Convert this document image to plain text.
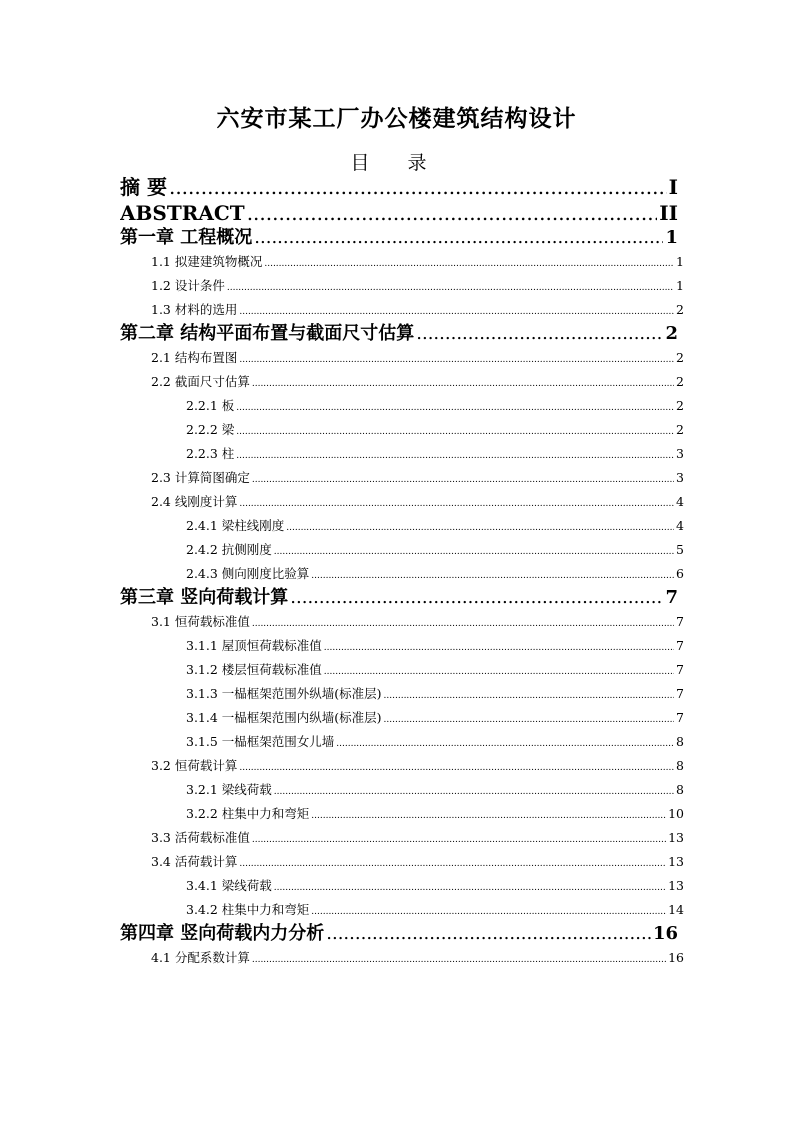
六安市某工厂办公楼建筑结构设计
目 录
摘 要 .....	I
ABSTRACT .....	II
第一章 工程概况 .....	1
1.1 拟建建筑物概况 .....	1
1.2 设计条件 .....	1
1.3 材料的选用 .....	2
第二章 结构平面布置与截面尺寸估算 .....	2
2.1 结构布置图 .....	2
2.2 截面尺寸估算 .....	2
2.2.1 板 .....	2
2.2.2 梁 .....	2
2.2.3 柱 .....	3
2.3 计算简图确定 .....	3
2.4 线刚度计算 .....	4
2.4.1 梁柱线刚度 .....	4
2.4.2 抗侧刚度 .....	5
2.4.3 侧向刚度比验算 .....	6
第三章 竖向荷载计算 .....	7
3.1 恒荷载标准值 .....	7
3.1.1 屋顶恒荷载标准值 .....	7
3.1.2 楼层恒荷载标准值 .....	7
3.1.3 一榀框架范围外纵墙(标准层) .....	7
3.1.4 一榀框架范围内纵墙(标准层) .....	7
3.1.5 一榀框架范围女儿墙 .....	8
3.2 恒荷载计算 .....	8
3.2.1 梁线荷载 .....	8
3.2.2 柱集中力和弯矩 .....	10
3.3 活荷载标准值 .....	13
3.4 活荷载计算 .....	13
3.4.1 梁线荷载 .....	13
3.4.2 柱集中力和弯矩 .....	14
第四章 竖向荷载内力分析 .....	16
4.1 分配系数计算 .....	16
